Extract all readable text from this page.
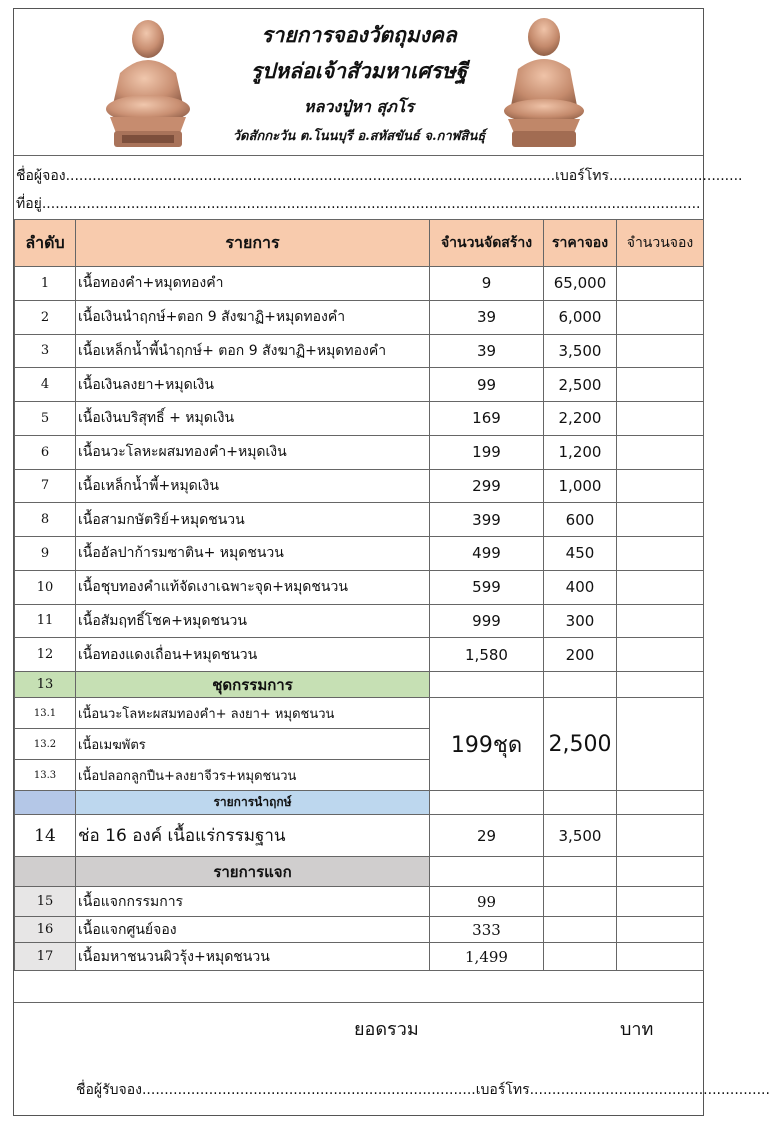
รายการจองวัตถุมงคล
รูปหล่อเจ้าสัวมหาเศรษฐี
หลวงปู่หา สุภโร
วัดสักกะวัน ต.โนนบุรี อ.สหัสขันธ์ จ.กาฬสินธุ์
ชื่อผู้จอง..............................................................................................................เบอร์โทร..............................
ที่อยู่....................................................................................................................................................
ลำดับ	รายการ	จำนวนจัดสร้าง	ราคาจอง	จำนวนจอง
1	เนื้อทองคำ+หมุดทองคำ	9	65,000	
2	เนื้อเงินนำฤกษ์+ตอก 9 สังฆาฏิ+หมุดทองคำ	39	6,000	
3	เนื้อเหล็กน้ำพี้นำฤกษ์+ ตอก 9 สังฆาฏิ+หมุดทองคำ	39	3,500	
4	เนื้อเงินลงยา+หมุดเงิน	99	2,500	
5	เนื้อเงินบริสุทธิ์ + หมุดเงิน	169	2,200	
6	เนื้อนวะโลหะผสมทองคำ+หมุดเงิน	199	1,200	
7	เนื้อเหล็กน้ำพี้+หมุดเงิน	299	1,000	
8	เนื้อสามกษัตริย์+หมุดชนวน	399	600	
9	เนื้ออัลปาก้ารมซาติน+ หมุดชนวน	499	450	
10	เนื้อชุบทองคำแท้จัดเงาเฉพาะจุด+หมุดชนวน	599	400	
11	เนื้อสัมฤทธิ์โชค+หมุดชนวน	999	300	
12	เนื้อทองแดงเถื่อน+หมุดชนวน	1,580	200	
13	ชุดกรรมการ			
13.1	เนื้อนวะโลหะผสมทองคำ+ ลงยา+ หมุดชนวน	199ชุด	2,500	
13.2	เนื้อเมฆพัตร			
13.3	เนื้อปลอกลูกปืน+ลงยาจีวร+หมุดชนวน			
	รายการนำฤกษ์			
14	ช่อ 16 องค์ เนื้อแร่กรรมฐาน	29	3,500	
	รายการแจก			
15	เนื้อแจกกรรมการ	99		
16	เนื้อแจกศูนย์จอง	333		
17	เนื้อมหาชนวนผิวรุ้ง+หมุดชนวน	1,499		
ยอดรวม	บาท
ชื่อผู้รับจอง...........................................................................เบอร์โทร......................................................
